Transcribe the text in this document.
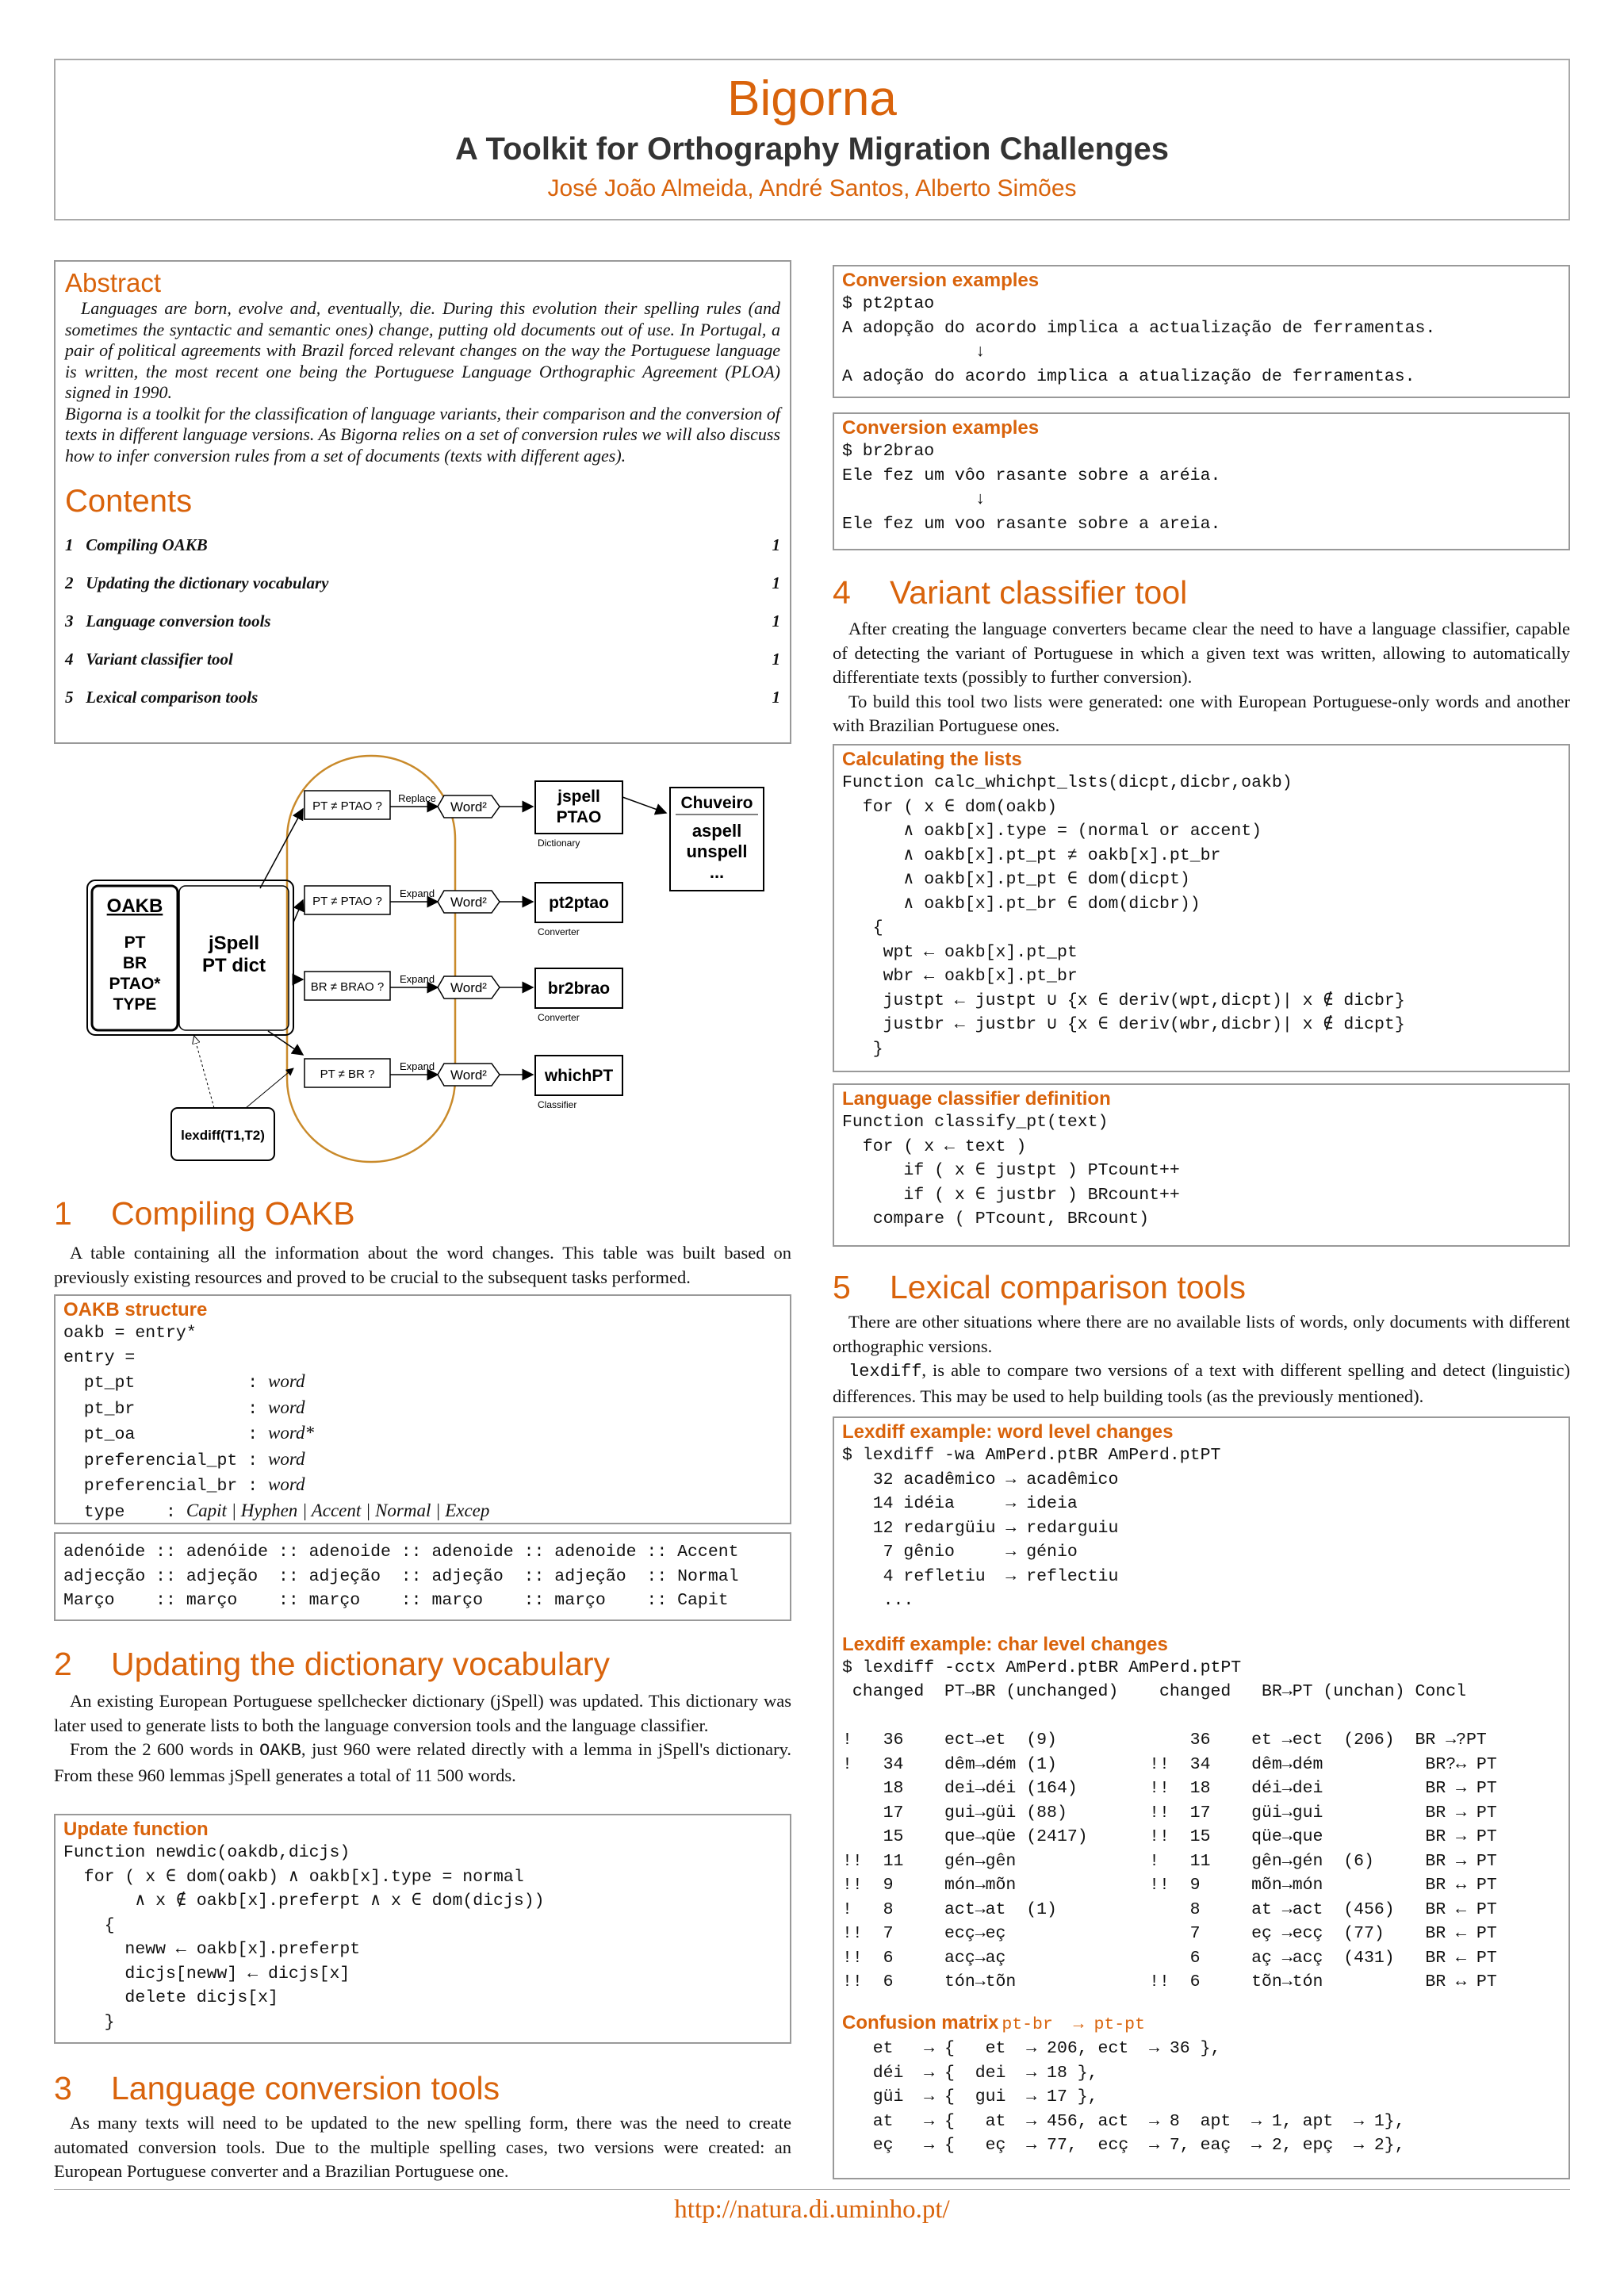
Bigorna
A Toolkit for Orthography Migration Challenges
José João Almeida, André Santos, Alberto Simões
Abstract
Languages are born, evolve and, eventually, die. During this evolution their spelling rules (and sometimes the syntactic and semantic ones) change, putting old documents out of use. In Portugal, a pair of political agreements with Brazil forced relevant changes on the way the Portuguese language is written, the most recent one being the Portuguese Language Orthographic Agreement (PLOA) signed in 1990.
Bigorna is a toolkit for the classification of language variants, their comparison and the conversion of texts in different language versions. As Bigorna relies on a set of conversion rules we will also discuss how to infer conversion rules from a set of documents (texts with different ages).
Contents
1 Compiling OAKB	1
2 Updating the dictionary vocabulary	1
3 Language conversion tools	1
4 Variant classifier tool	1
5 Lexical comparison tools	1
OAKB
PT
BR
PTAO*
TYPE
jSpell
PT dict
lexdiff(T1,T2)
PT ≠ PTAO ?
Replace
Word²
jspell
PTAO
Dictionary
PT ≠ PTAO ?
Expand
Word²	pt2ptao
Converter
BR ≠ BRAO ?
Expand
Word²	br2brao
Converter
PT ≠ BR ?
Expand
Word²	whichPT
Classifier
Chuveiro
aspell
unspell
...
1 Compiling OAKB

A table containing all the information about the word changes. This table was built based on previously existing resources and proved to be crucial to the subsequent tasks performed.

OAKB structure
oakb = entry*
entry =
pt_pt           : word
pt_br           : word
pt_oa           : word*
preferencial_pt : word
preferencial_br : word
type    : Capit | Hyphen | Accent | Normal | Excep
adenóide :: adenóide :: adenoide :: adenoide :: adenoide :: Accent
adjecção :: adjeção  :: adjeção  :: adjeção  :: adjeção  :: Normal
Março    :: março    :: março    :: março    :: março    :: Capit
2 Updating the dictionary vocabulary

An existing European Portuguese spellchecker dictionary (jSpell) was updated. This dictionary was later used to generate lists to both the language conversion tools and the language classifier.

From the 2 600 words in OAKB, just 960 were related directly with a lemma in jSpell's dictionary. From these 960 lemmas jSpell generates a total of 11 500 words.

Update function
Function newdic(oakdb,dicjs)
for ( x ∈ dom(oakb) ∧ oakb[x].type = normal
∧ x ∉ oakb[x].preferpt ∧ x ∈ dom(dicjs))
{
neww ← oakb[x].preferpt
dicjs[neww] ← dicjs[x]
delete dicjs[x]
}
3 Language conversion tools

As many texts will need to be updated to the new spelling form, there was the need to create automated conversion tools. Due to the multiple spelling cases, two versions were created: an European Portuguese converter and a Brazilian Portuguese one.

Conversion examples
$ pt2ptao
A adopção do acordo implica a actualização de ferramentas.
↓
A adoção do acordo implica a atualização de ferramentas.
Conversion examples
$ br2brao
Ele fez um vôo rasante sobre a aréia.
↓
Ele fez um voo rasante sobre a areia.
4 Variant classifier tool

After creating the language converters became clear the need to have a language classifier, capable of detecting the variant of Portuguese in which a given text was written, allowing to automatically differentiate texts (possibly to further conversion).

To build this tool two lists were generated: one with European Portuguese-only words and another with Brazilian Portuguese ones.

Calculating the lists
Function calc_whichpt_lsts(dicpt,dicbr,oakb)
for ( x ∈ dom(oakb)
∧ oakb[x].type = (normal or accent)
∧ oakb[x].pt_pt ≠ oakb[x].pt_br
∧ oakb[x].pt_pt ∈ dom(dicpt)
∧ oakb[x].pt_br ∈ dom(dicbr))
{
wpt ← oakb[x].pt_pt
wbr ← oakb[x].pt_br
justpt ← justpt ∪ {x ∈ deriv(wpt,dicpt)| x ∉ dicbr}
justbr ← justbr ∪ {x ∈ deriv(wbr,dicbr)| x ∉ dicpt}
}
Language classifier definition
Function classify_pt(text)
for ( x ← text )
if ( x ∈ justpt ) PTcount++
if ( x ∈ justbr ) BRcount++
compare ( PTcount, BRcount)
5 Lexical comparison tools

There are other situations where there are no available lists of words, only documents with different orthographic versions.

lexdiff, is able to compare two versions of a text with different spelling and detect (linguistic) differences. This may be used to help building tools (as the previously mentioned).

Lexdiff example: word level changes
$ lexdiff -wa AmPerd.ptBR AmPerd.ptPT
32 acadêmico → acadêmico
14 idéia     → ideia
12 redargüiu → redarguiu
7 gênio     → génio
4 refletiu  → reflectiu
...
Lexdiff example: char level changes
$ lexdiff -cctx AmPerd.ptBR AmPerd.ptPT
changed  PT→BR (unchanged)    changed   BR→PT (unchan) Concl

!   36    ect→et  (9)             36    et →ect  (206)  BR →?PT
!   34    dêm→dém (1)         !!  34    dêm→dém          BR?↔ PT
18    dei→déi (164)       !!  18    déi→dei          BR → PT
17    gui→güi (88)        !!  17    güi→gui          BR → PT
15    que→qüe (2417)      !!  15    qüe→que          BR → PT
!!  11    gén→gên             !   11    gên→gén  (6)     BR → PT
!!  9     món→mõn             !!  9     mõn→món          BR ↔ PT
!   8     act→at  (1)             8     at →act  (456)   BR ← PT
!!  7     ecç→eç                  7     eç →ecç  (77)    BR ← PT
!!  6     acç→aç                  6     aç →acç  (431)   BR ← PT
!!  6     tón→tõn             !!  6     tõn→tón          BR ↔ PT
Confusion matrix pt-br  → pt-pt
et   → {   et  → 206, ect  → 36 },
déi  → {  dei  → 18 },
güi  → {  gui  → 17 },
at   → {   at  → 456, act  → 8  apt  → 1, apt  → 1},
eç   → {   eç  → 77,  ecç  → 7, eaç  → 2, epç  → 2},
http://natura.di.uminho.pt/
